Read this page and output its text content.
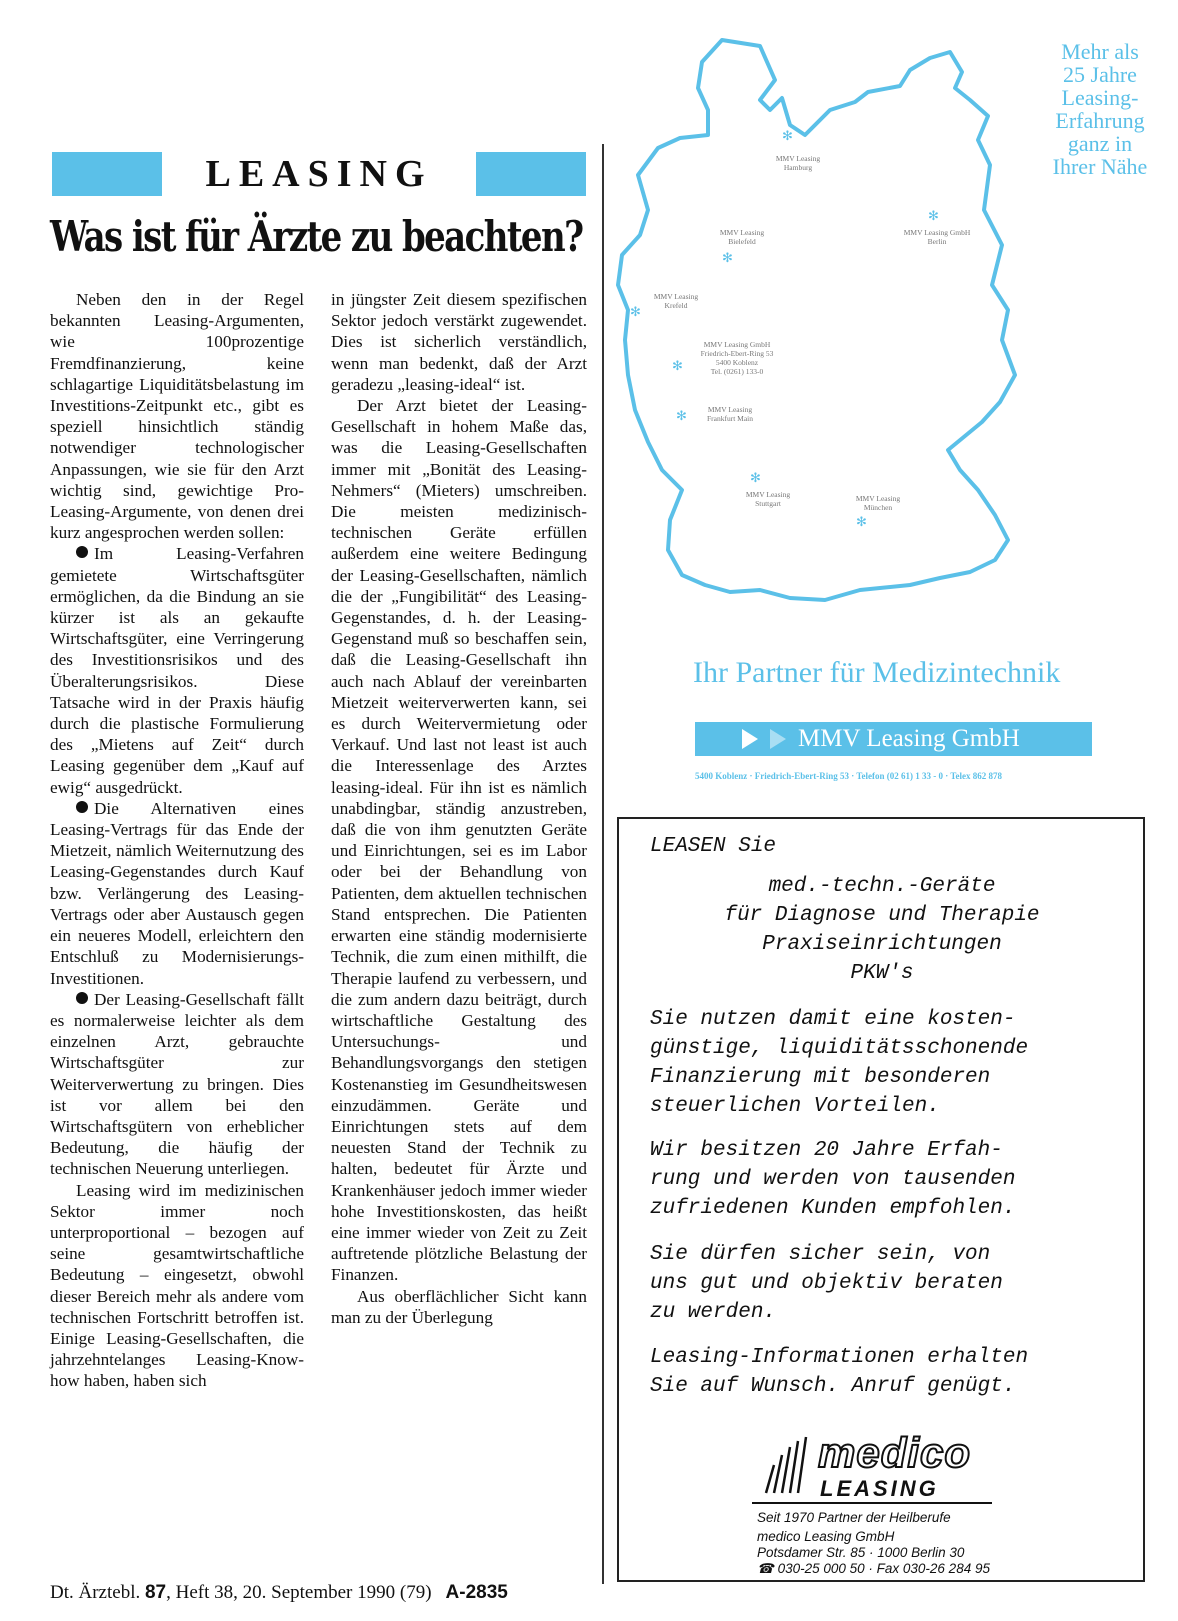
LEASING
Was ist für Ärzte zu beachten?

Neben den in der Regel bekannten Leasing-Argumenten, wie 100prozentige Fremdfinanzierung, keine schlagartige Liquiditätsbelastung im Investitions-Zeitpunkt etc., gibt es speziell hinsichtlich ständig notwendiger technologischer Anpassungen, wie sie für den Arzt wichtig sind, gewichtige Pro-Leasing-Argumente, von denen drei kurz angesprochen werden sollen:

Im Leasing-Verfahren gemietete Wirtschaftsgüter ermöglichen, da die Bindung an sie kürzer ist als an gekaufte Wirtschaftsgüter, eine Verringerung des Investitionsrisikos und des Überalterungsrisikos. Diese Tatsache wird in der Praxis häufig durch die plastische Formulierung des „Mietens auf Zeit“ durch Leasing gegenüber dem „Kauf auf ewig“ ausgedrückt.

Die Alternativen eines Leasing-Vertrags für das Ende der Mietzeit, nämlich Weiternutzung des Leasing-Gegenstandes durch Kauf bzw. Verlängerung des Leasing-Vertrags oder aber Austausch gegen ein neueres Modell, erleichtern den Entschluß zu Modernisierungs-Investitionen.

Der Leasing-Gesellschaft fällt es normalerweise leichter als dem einzelnen Arzt, gebrauchte Wirtschaftsgüter zur Weiterverwertung zu bringen. Dies ist vor allem bei den Wirtschaftsgütern von erheblicher Bedeutung, die häufig der technischen Neuerung unterliegen.

Leasing wird im medizinischen Sektor immer noch unterproportional – bezogen auf seine gesamtwirtschaftliche Bedeutung – eingesetzt, obwohl dieser Bereich mehr als andere vom technischen Fortschritt betroffen ist. Einige Leasing-Gesellschaften, die jahrzehntelanges Leasing-Know-how haben, haben sich

in jüngster Zeit diesem spezifischen Sektor jedoch verstärkt zugewendet. Dies ist sicherlich verständlich, wenn man bedenkt, daß der Arzt geradezu „leasing-ideal“ ist.

Der Arzt bietet der Leasing-Gesellschaft in hohem Maße das, was die Leasing-Gesellschaften immer mit „Bonität des Leasing-Nehmers“ (Mieters) umschreiben. Die meisten medizinisch-technischen Geräte erfüllen außerdem eine weitere Bedingung der Leasing-Gesellschaften, nämlich die der „Fungibilität“ des Leasing-Gegenstandes, d. h. der Leasing-Gegenstand muß so beschaffen sein, daß die Leasing-Gesellschaft ihn auch nach Ablauf der vereinbarten Mietzeit weiterverwerten kann, sei es durch Weitervermietung oder Verkauf. Und last not least ist auch die Interessenlage des Arztes leasing-ideal. Für ihn ist es nämlich unabdingbar, ständig anzustreben, daß die von ihm genutzten Geräte und Einrichtungen, sei es im Labor oder bei der Behandlung von Patienten, dem aktuellen technischen Stand entsprechen. Die Patienten erwarten eine ständig modernisierte Technik, die zum einen mithilft, die Therapie laufend zu verbessern, und die zum andern dazu beiträgt, durch wirtschaftliche Gestaltung des Untersuchungs- und Behandlungsvorgangs den stetigen Kostenanstieg im Gesundheitswesen einzudämmen. Geräte und Einrichtungen stets auf dem neuesten Stand der Technik zu halten, bedeutet für Ärzte und Krankenhäuser jedoch immer wieder hohe Investitionskosten, das heißt eine immer wieder von Zeit zu Zeit auftretende plötzliche Belastung der Finanzen.

Aus oberflächlicher Sicht kann man zu der Überlegung

Dt. Ärztebl. 87, Heft 38, 20. September 1990 (79) A-2835
Mehr als
25 Jahre
Leasing-
Erfahrung
ganz in
Ihrer Nähe
✻
MMV Leasing
Hamburg
✻
MMV Leasing GmbH
Berlin
MMV Leasing
Bielefeld
✻
MMV Leasing
Krefeld
✻
MMV Leasing GmbH
Friedrich-Ebert-Ring 53
5400 Koblenz
Tel. (0261) 133-0
✻
✻	MMV Leasing
Frankfurt Main
✻
MMV Leasing
Stuttgart
MMV Leasing
München
✻
Ihr Partner für Medizintechnik
MMV Leasing GmbH
5400 Koblenz · Friedrich-Ebert-Ring 53 · Telefon (02 61) 1 33 - 0 · Telex 862 878
LEASEN Sie
med.-techn.-Geräte
für Diagnose und Therapie
Praxiseinrichtungen
PKW's
Sie nutzen damit eine kosten-
günstige, liquiditätsschonende
Finanzierung mit besonderen
steuerlichen Vorteilen.
Wir besitzen 20 Jahre Erfah-
rung und werden von tausenden
zufriedenen Kunden empfohlen.
Sie dürfen sicher sein, von
uns gut und objektiv beraten
zu werden.
Leasing-Informationen erhalten
Sie auf Wunsch. Anruf genügt.
medico
LEASING
Seit 1970 Partner der Heilberufe
medico Leasing GmbH
Potsdamer Str. 85 · 1000 Berlin 30
☎ 030-25 000 50 · Fax 030-26 284 95
